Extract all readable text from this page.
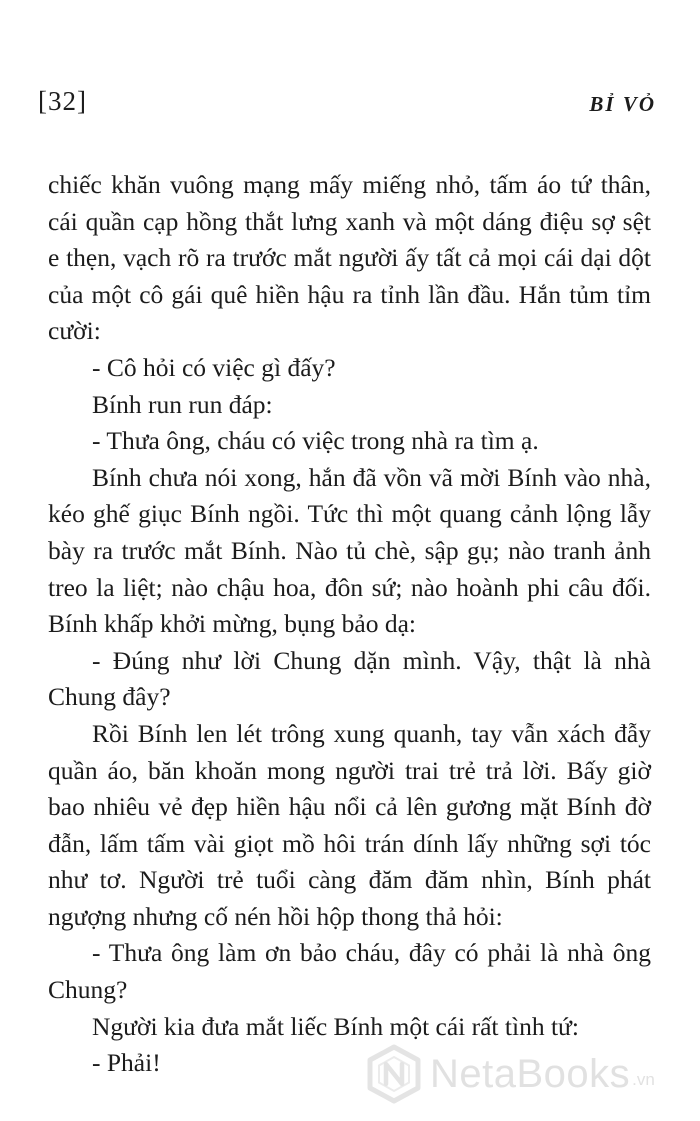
[32]	BỈ VỎ

chiếc khăn vuông mạng mấy miếng nhỏ, tấm áo tứ thân, cái quần cạp hồng thắt lưng xanh và một dáng điệu sợ sệt e thẹn, vạch rõ ra trước mắt người ấy tất cả mọi cái dại dột của một cô gái quê hiền hậu ra tỉnh lần đầu. Hắn tủm tỉm cười:

- Cô hỏi có việc gì đấy?

Bính run run đáp:

- Thưa ông, cháu có việc trong nhà ra tìm ạ.

Bính chưa nói xong, hắn đã vồn vã mời Bính vào nhà, kéo ghế giục Bính ngồi. Tức thì một quang cảnh lộng lẫy bày ra trước mắt Bính. Nào tủ chè, sập gụ; nào tranh ảnh treo la liệt; nào chậu hoa, đôn sứ; nào hoành phi câu đối. Bính khấp khởi mừng, bụng bảo dạ:

- Đúng như lời Chung dặn mình. Vậy, thật là nhà Chung đây?

Rồi Bính len lét trông xung quanh, tay vẫn xách đẫy quần áo, băn khoăn mong người trai trẻ trả lời. Bấy giờ bao nhiêu vẻ đẹp hiền hậu nổi cả lên gương mặt Bính đờ đẫn, lấm tấm vài giọt mồ hôi trán dính lấy những sợi tóc như tơ. Người trẻ tuổi càng đăm đăm nhìn, Bính phát ngượng nhưng cố nén hồi hộp thong thả hỏi:

- Thưa ông làm ơn bảo cháu, đây có phải là nhà ông Chung?

Người kia đưa mắt liếc Bính một cái rất tình tứ:

- Phải!	NetaBooks .vn
